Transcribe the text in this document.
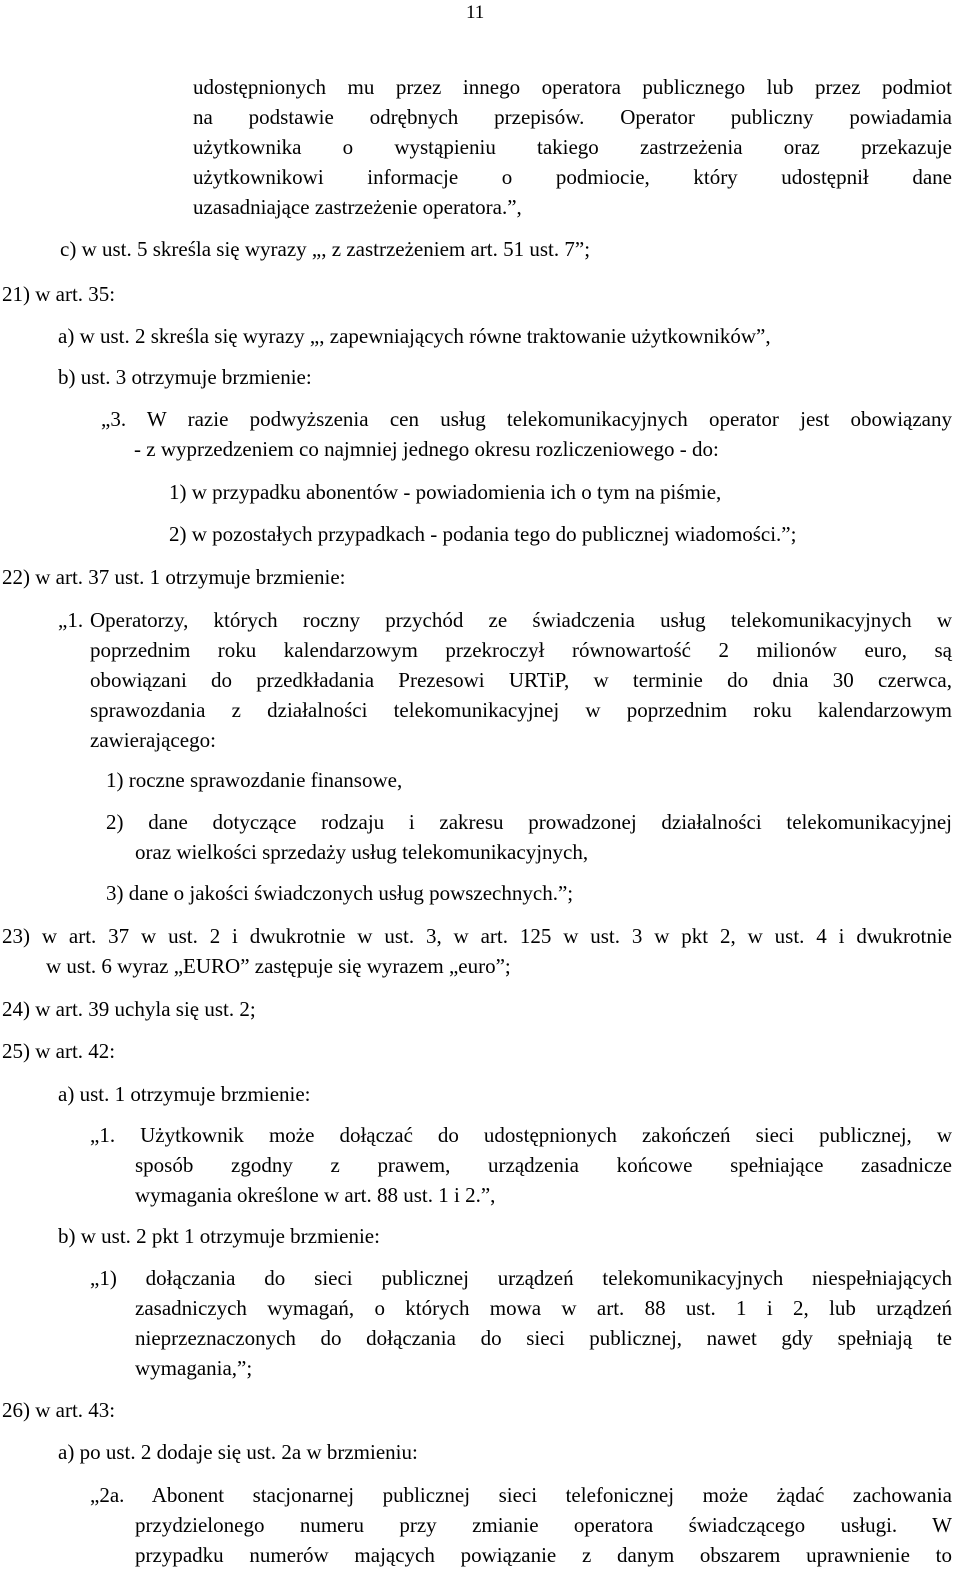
11
udostępnionych mu przez innego operatora publicznego lub przez podmiot
na podstawie odrębnych przepisów. Operator publiczny powiadamia
użytkownika o wystąpieniu takiego zastrzeżenia oraz przekazuje
użytkownikowi informacje o podmiocie, który udostępnił dane
uzasadniające zastrzeżenie operatora.”,
c) w ust. 5 skreśla się wyrazy „, z zastrzeżeniem art. 51 ust. 7”;
21) w art. 35:
a) w ust. 2 skreśla się wyrazy „, zapewniających równe traktowanie użytkowników”,
b) ust. 3 otrzymuje brzmienie:
„3. W razie podwyższenia cen usług telekomunikacyjnych operator jest obowiązany
- z wyprzedzeniem co najmniej jednego okresu rozliczeniowego - do:
1) w przypadku abonentów - powiadomienia ich o tym na piśmie,
2) w pozostałych przypadkach - podania tego do publicznej wiadomości.”;
22) w art. 37 ust. 1 otrzymuje brzmienie:
„1. Operatorzy, których roczny przychód ze świadczenia usług telekomunikacyjnych w
poprzednim roku kalendarzowym przekroczył równowartość 2 milionów euro, są
obowiązani do przedkładania Prezesowi URTiP, w terminie do dnia 30 czerwca,
sprawozdania z działalności telekomunikacyjnej w poprzednim roku kalendarzowym
zawierającego:
1) roczne sprawozdanie finansowe,
2) dane dotyczące rodzaju i zakresu prowadzonej działalności telekomunikacyjnej
oraz wielkości sprzedaży usług telekomunikacyjnych,
3) dane o jakości świadczonych usług powszechnych.”;
23) w art. 37 w ust. 2 i dwukrotnie w ust. 3, w art. 125 w ust. 3 w pkt 2, w ust. 4 i dwukrotnie
w ust. 6 wyraz „EURO” zastępuje się wyrazem „euro”;
24) w art. 39 uchyla się ust. 2;
25) w art. 42:
a) ust. 1 otrzymuje brzmienie:
„1. Użytkownik może dołączać do udostępnionych zakończeń sieci publicznej, w
sposób zgodny z prawem, urządzenia końcowe spełniające zasadnicze
wymagania określone w art. 88 ust. 1 i 2.”,
b) w ust. 2 pkt 1 otrzymuje brzmienie:
„1) dołączania do sieci publicznej urządzeń telekomunikacyjnych niespełniających
zasadniczych wymagań, o których mowa w art. 88 ust. 1 i 2, lub urządzeń
nieprzeznaczonych do dołączania do sieci publicznej, nawet gdy spełniają te
wymagania,”;
26) w art. 43:
a) po ust. 2 dodaje się ust. 2a w brzmieniu:
„2a. Abonent stacjonarnej publicznej sieci telefonicznej może żądać zachowania
przydzielonego numeru przy zmianie operatora świadczącego usługi. W
przypadku numerów mających powiązanie z danym obszarem uprawnienie to
